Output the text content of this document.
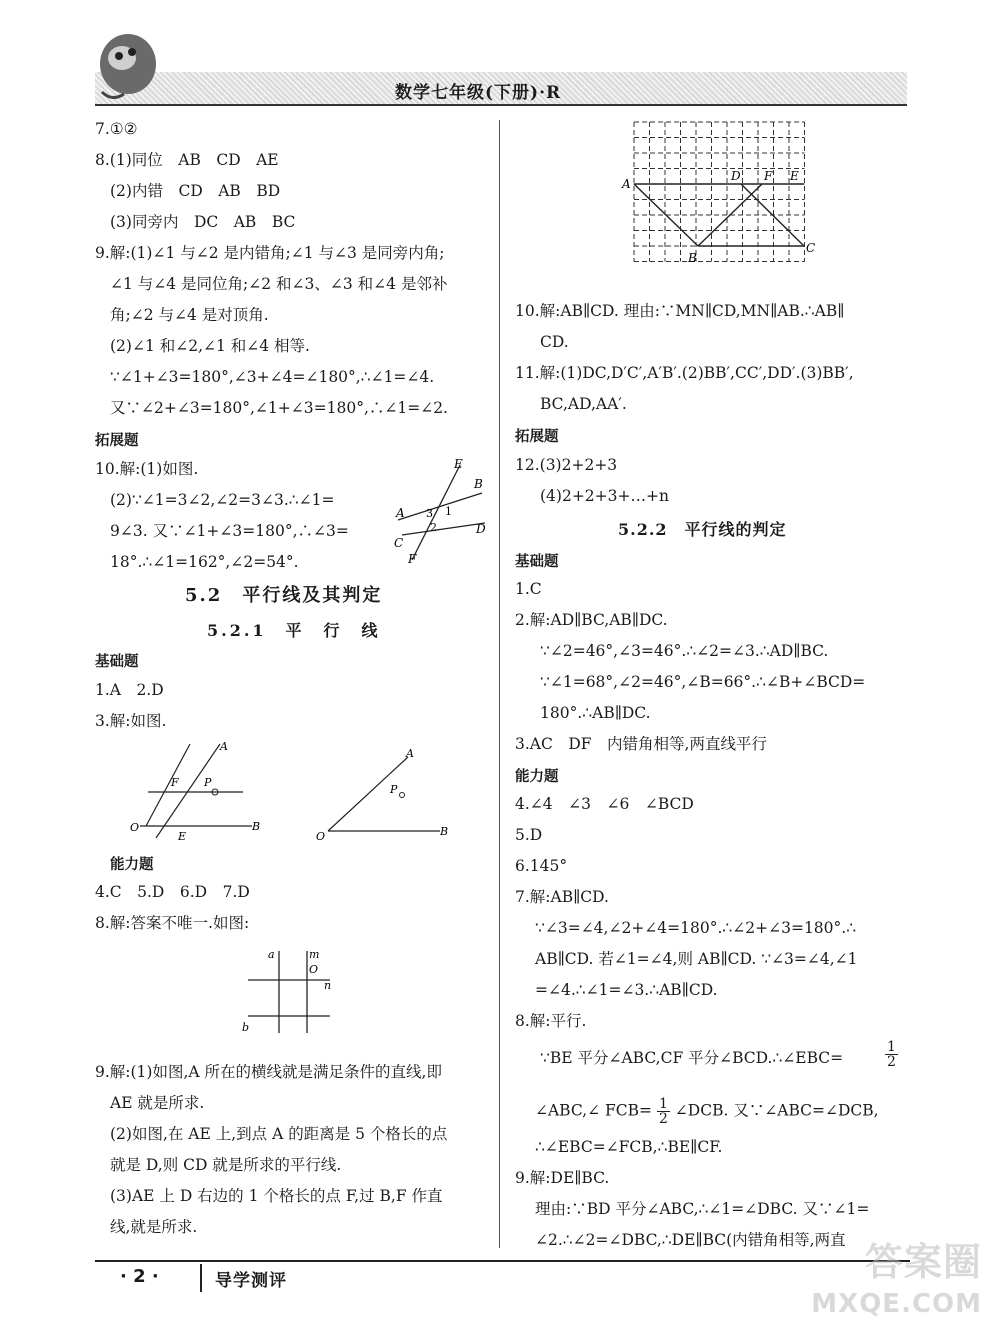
数学七年级(下册)·R
7.①②
8.(1)同位　AB　CD　AE
(2)内错　CD　AB　BD
(3)同旁内　DC　AB　BC
9.解:(1)∠1 与∠2 是内错角;∠1 与∠3 是同旁内角;
∠1 与∠4 是同位角;∠2 和∠3、∠3 和∠4 是邻补
角;∠2 与∠4 是对顶角.
(2)∠1 和∠2,∠1 和∠4 相等.
∵∠1+∠3=180°,∠3+∠4=∠180°,∴∠1=∠4.
又∵∠2+∠3=180°,∠1+∠3=180°,∴∠1=∠2.
拓展题
10.解:(1)如图.
(2)∵∠1=3∠2,∠2=3∠3.∴∠1=
9∠3. 又∵∠1+∠3=180°,∴∠3=
18°.∴∠1=162°,∠2=54°.
E
B
A
D
C
F
1
2
3
5.2　平行线及其判定
5.2.1　平　行　线
基础题
1.A　2.D
3.解:如图.
A
F P
O
E
B
A
P
O	B
能力题
4.C　5.D　6.D　7.D
8.解:答案不唯一.如图:
a	m
O
n
b
9.解:(1)如图,A 所在的横线就是满足条件的直线,即
AE 就是所求.
(2)如图,在 AE 上,到点 A 的距离是 5 个格长的点
就是 D,则 CD 就是所求的平行线.
(3)AE 上 D 右边的 1 个格长的点 F,过 B,F 作直
线,就是所求.
A
D F E
B
C
10.解:AB∥CD. 理由:∵MN∥CD,MN∥AB.∴AB∥
CD.
11.解:(1)DC,D′C′,A′B′.(2)BB′,CC′,DD′.(3)BB′,
BC,AD,AA′.
拓展题
12.(3)2+2+3
(4)2+2+3+…+n
5.2.2　平行线的判定
基础题
1.C
2.解:AD∥BC,AB∥DC.
∵∠2=46°,∠3=46°.∴∠2=∠3.∴AD∥BC.
∵∠1=68°,∠2=46°,∠B=66°.∴∠B+∠BCD=
180°.∴AB∥DC.
3.AC　DF　内错角相等,两直线平行
能力题
4.∠4　∠3　∠6　∠BCD
5.D
6.145°
7.解:AB∥CD.
∵∠3=∠4,∠2+∠4=180°.∴∠2+∠3=180°.∴
AB∥CD. 若∠1=∠4,则 AB∥CD. ∵∠3=∠4,∠1
=∠4.∴∠1=∠3.∴AB∥CD.
8.解:平行.
∵BE 平分∠ABC,CF 平分∠BCD.∴∠EBC=	$\frac{1}{2}$
∠ABC,∠ $FCB= \frac{1}{2}$ ∠DCB. 又∵∠ABC=∠DCB,
∴∠EBC=∠FCB,∴BE∥CF.
9.解:DE∥BC.
理由:∵BD 平分∠ABC,∴∠1=∠DBC. 又∵∠1=
∠2.∴∠2=∠DBC,∴DE∥BC(内错角相等,两直
· 2 ·	导学测评	答案圈
MXQE.COM
